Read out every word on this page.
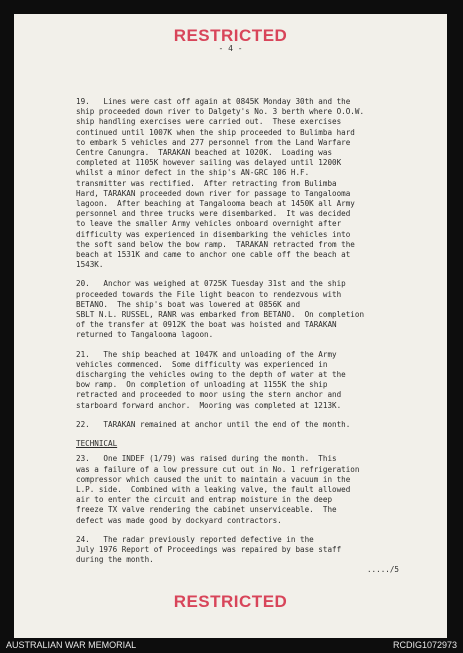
RESTRICTED
- 4 -

19.   Lines were cast off again at 0845K Monday 30th and the
ship proceeded down river to Dalgety's No. 3 berth where O.O.W.
ship handling exercises were carried out.  These exercises
continued until 1007K when the ship proceeded to Bulimba hard
to embark 5 vehicles and 277 personnel from the Land Warfare
Centre Canungra.  TARAKAN beached at 1020K.  Loading was
completed at 1105K however sailing was delayed until 1200K
whilst a minor defect in the ship's AN-GRC 106 H.F.
transmitter was rectified.  After retracting from Bulimba
Hard, TARAKAN proceeded down river for passage to Tangalooma
lagoon.  After beaching at Tangalooma beach at 1450K all Army
personnel and three trucks were disembarked.  It was decided
to leave the smaller Army vehicles onboard overnight after
difficulty was experienced in disembarking the vehicles into
the soft sand below the bow ramp.  TARAKAN retracted from the
beach at 1531K and came to anchor one cable off the beach at
1543K.

20.   Anchor was weighed at 0725K Tuesday 31st and the ship
proceeded towards the File light beacon to rendezvous with
BETANO.  The ship's boat was lowered at 0856K and
SBLT N.L. RUSSEL, RANR was embarked from BETANO.  On completion
of the transfer at 0912K the boat was hoisted and TARAKAN
returned to Tangalooma lagoon.

21.   The ship beached at 1047K and unloading of the Army
vehicles commenced.  Some difficulty was experienced in
discharging the vehicles owing to the depth of water at the
bow ramp.  On completion of unloading at 1155K the ship
retracted and proceeded to moor using the stern anchor and
starboard forward anchor.  Mooring was completed at 1213K.

22.   TARAKAN remained at anchor until the end of the month.

TECHNICAL

23.   One INDEF (1/79) was raised during the month.  This
was a failure of a low pressure cut out in No. 1 refrigeration
compressor which caused the unit to maintain a vacuum in the
L.P. side.  Combined with a leaking valve, the fault allowed
air to enter the circuit and entrap moisture in the deep
freeze TX valve rendering the cabinet unserviceable.  The
defect was made good by dockyard contractors.

24.   The radar previously reported defective in the
July 1976 Report of Proceedings was repaired by base staff
during the month.

...../5
RESTRICTED
AUSTRALIAN WAR MEMORIAL	RCDIG1072973
